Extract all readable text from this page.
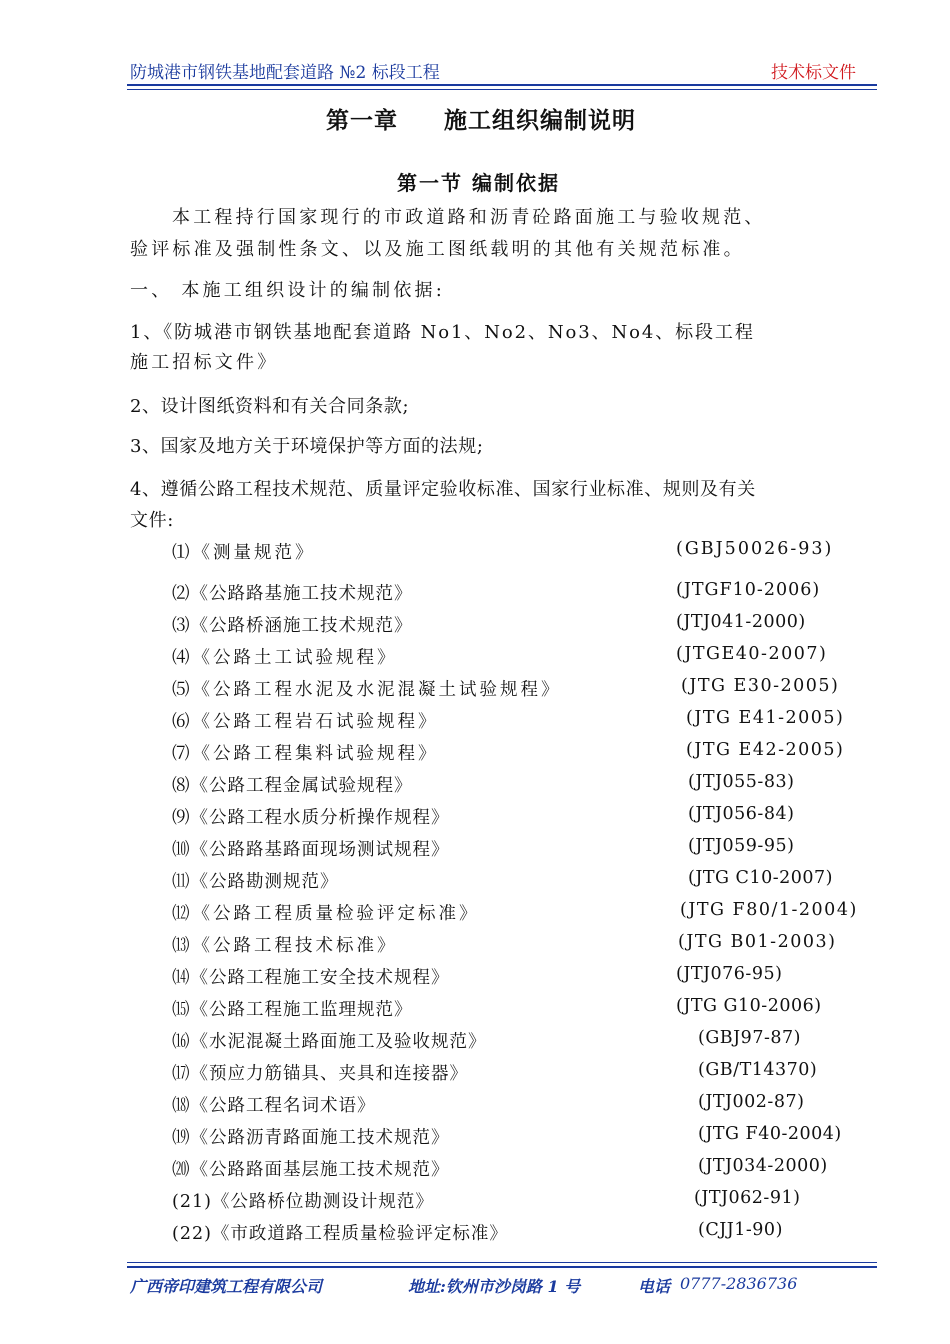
防城港市钢铁基地配套道路 №2 标段工程	技术标文件
第一章 施工组织编制说明
第一节 编制依据
本工程持行国家现行的市政道路和沥青砼路面施工与验收规范、
验评标准及强制性条文、以及施工图纸载明的其他有关规范标准。
一、 本施工组织设计的编制依据:
1、《防城港市钢铁基地配套道路 No1、No2、No3、No4、标段工程
施工招标文件》
2、设计图纸资料和有关合同条款;
3、国家及地方关于环境保护等方面的法规;
4、遵循公路工程技术规范、质量评定验收标准、国家行业标准、规则及有关
文件:
⑴《测量规范》	(GBJ50026-93)
⑵《公路路基施工技术规范》	(JTGF10-2006)
⑶《公路桥涵施工技术规范》	(JTJ041-2000)
⑷《公路土工试验规程》	(JTGE40-2007)
⑸《公路工程水泥及水泥混凝土试验规程》	(JTG E30-2005)
⑹《公路工程岩石试验规程》	(JTG E41-2005)
⑺《公路工程集料试验规程》	(JTG E42-2005)
⑻《公路工程金属试验规程》	(JTJ055-83)
⑼《公路工程水质分析操作规程》	(JTJ056-84)
⑽《公路路基路面现场测试规程》	(JTJ059-95)
⑾《公路勘测规范》	(JTG C10-2007)
⑿《公路工程质量检验评定标准》	(JTG F80/1-2004)
⒀《公路工程技术标准》	(JTG B01-2003)
⒁《公路工程施工安全技术规程》	(JTJ076-95)
⒂《公路工程施工监理规范》	(JTG G10-2006)
⒃《水泥混凝土路面施工及验收规范》	(GBJ97-87)
⒄《预应力筋锚具、夹具和连接器》	(GB/T14370)
⒅《公路工程名词术语》	(JTJ002-87)
⒆《公路沥青路面施工技术规范》	(JTG F40-2004)
⒇《公路路面基层施工技术规范》	(JTJ034-2000)
(21)《公路桥位勘测设计规范》	(JTJ062-91)
(22)《市政道路工程质量检验评定标准》	(CJJ1-90)
广西帝印建筑工程有限公司	地址:钦州市沙岗路 1 号	电话 0777-2836736
